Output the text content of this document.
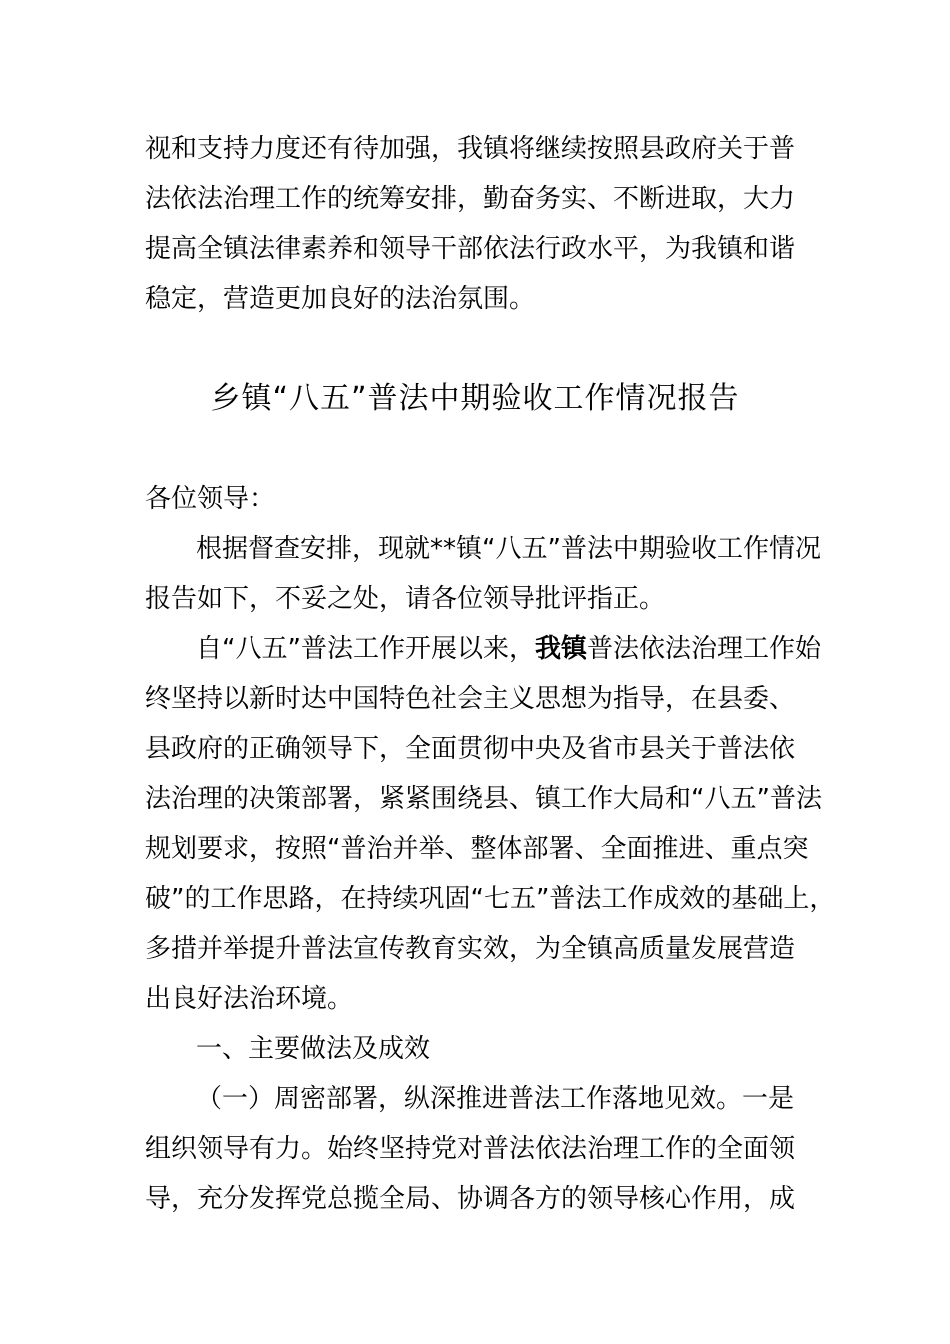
视和支持力度还有待加强，我镇将继续按照县政府关于普
法依法治理工作的统筹安排，勤奋务实、不断进取，大力
提高全镇法律素养和领导干部依法行政水平，为我镇和谐
稳定，营造更加良好的法治氛围。
乡镇“八五”普法中期验收工作情况报告
各位领导：
根据督查安排，现就**镇“八五”普法中期验收工作情况
报告如下，不妥之处，请各位领导批评指正。
自“八五”普法工作开展以来，我镇普法依法治理工作始
终坚持以新时达中国特色社会主义思想为指导，在县委、
县政府的正确领导下，全面贯彻中央及省市县关于普法依
法治理的决策部署，紧紧围绕县、镇工作大局和“八五”普法
规划要求，按照“普治并举、整体部署、全面推进、重点突
破”的工作思路，在持续巩固“七五”普法工作成效的基础上，
多措并举提升普法宣传教育实效，为全镇高质量发展营造
出良好法治环境。
一、主要做法及成效
（一）周密部署，纵深推进普法工作落地见效。一是
组织领导有力。始终坚持党对普法依法治理工作的全面领
导，充分发挥党总揽全局、协调各方的领导核心作用，成
